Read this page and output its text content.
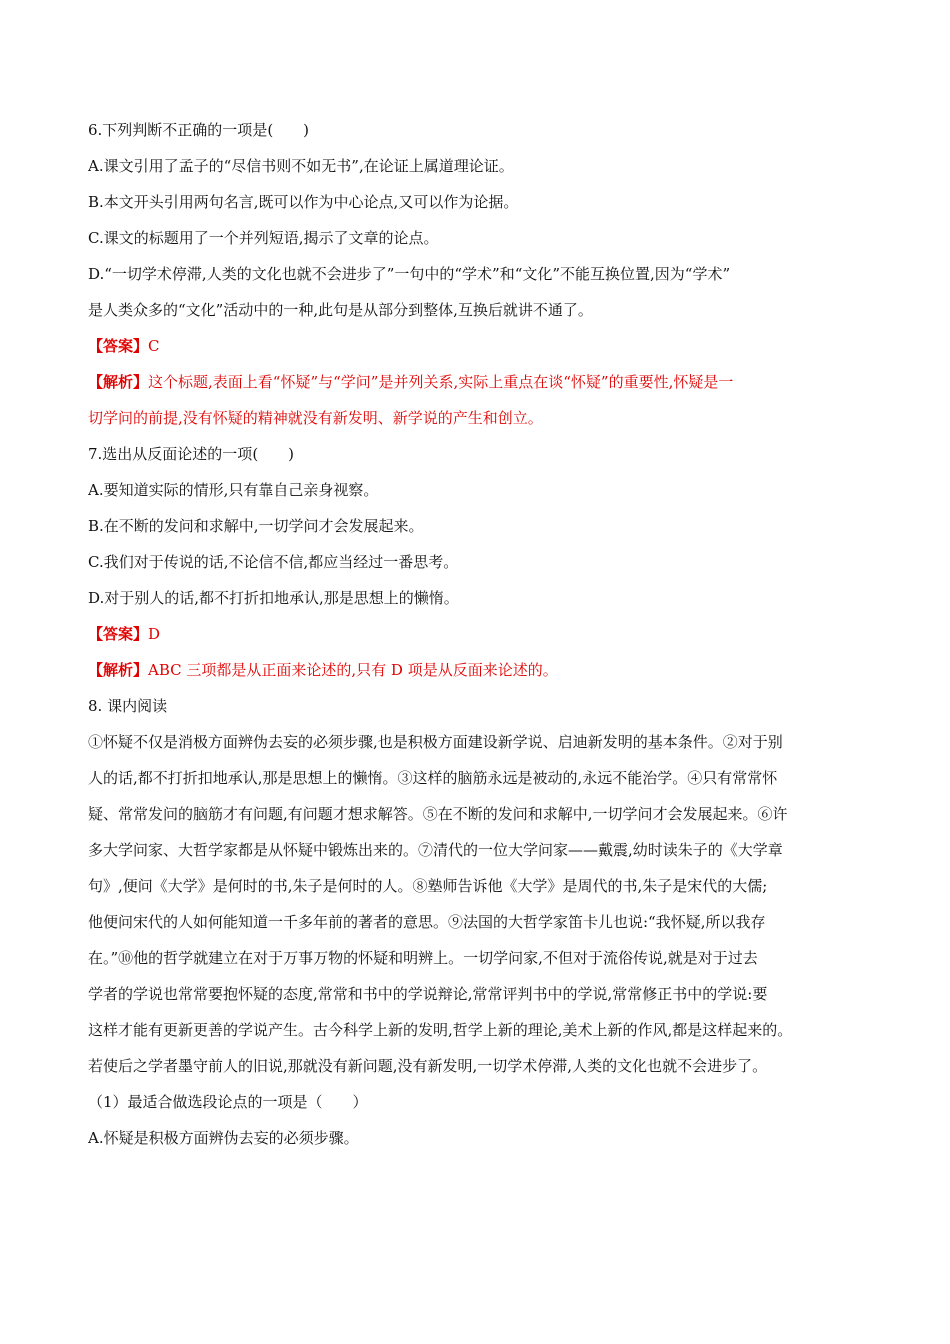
6.下列判断不正确的一项是(　　)
A.课文引用了孟子的“尽信书则不如无书”,在论证上属道理论证。
B.本文开头引用两句名言,既可以作为中心论点,又可以作为论据。
C.课文的标题用了一个并列短语,揭示了文章的论点。
D.“一切学术停滞,人类的文化也就不会进步了”一句中的“学术”和“文化”不能互换位置,因为“学术”
是人类众多的“文化”活动中的一种,此句是从部分到整体,互换后就讲不通了。
【答案】C
【解析】这个标题,表面上看“怀疑”与“学问”是并列关系,实际上重点在谈“怀疑”的重要性,怀疑是一
切学问的前提,没有怀疑的精神就没有新发明、新学说的产生和创立。
7.选出从反面论述的一项(　　)
A.要知道实际的情形,只有靠自己亲身视察。
B.在不断的发问和求解中,一切学问才会发展起来。
C.我们对于传说的话,不论信不信,都应当经过一番思考。
D.对于别人的话,都不打折扣地承认,那是思想上的懒惰。
【答案】D
【解析】ABC 三项都是从正面来论述的,只有 D 项是从反面来论述的。
8. 课内阅读
①怀疑不仅是消极方面辨伪去妄的必须步骤,也是积极方面建设新学说、启迪新发明的基本条件。②对于别
人的话,都不打折扣地承认,那是思想上的懒惰。③这样的脑筋永远是被动的,永远不能治学。④只有常常怀
疑、常常发问的脑筋才有问题,有问题才想求解答。⑤在不断的发问和求解中,一切学问才会发展起来。⑥许
多大学问家、大哲学家都是从怀疑中锻炼出来的。⑦清代的一位大学问家——戴震,幼时读朱子的《大学章
句》,便问《大学》是何时的书,朱子是何时的人。⑧塾师告诉他《大学》是周代的书,朱子是宋代的大儒;
他便问宋代的人如何能知道一千多年前的著者的意思。⑨法国的大哲学家笛卡儿也说:“我怀疑,所以我存
在。”⑩他的哲学就建立在对于万事万物的怀疑和明辨上。一切学问家,不但对于流俗传说,就是对于过去
学者的学说也常常要抱怀疑的态度,常常和书中的学说辩论,常常评判书中的学说,常常修正书中的学说:要
这样才能有更新更善的学说产生。古今科学上新的发明,哲学上新的理论,美术上新的作风,都是这样起来的。
若使后之学者墨守前人的旧说,那就没有新问题,没有新发明,一切学术停滞,人类的文化也就不会进步了。
（1）最适合做选段论点的一项是（　　）
A.怀疑是积极方面辨伪去妄的必须步骤。
